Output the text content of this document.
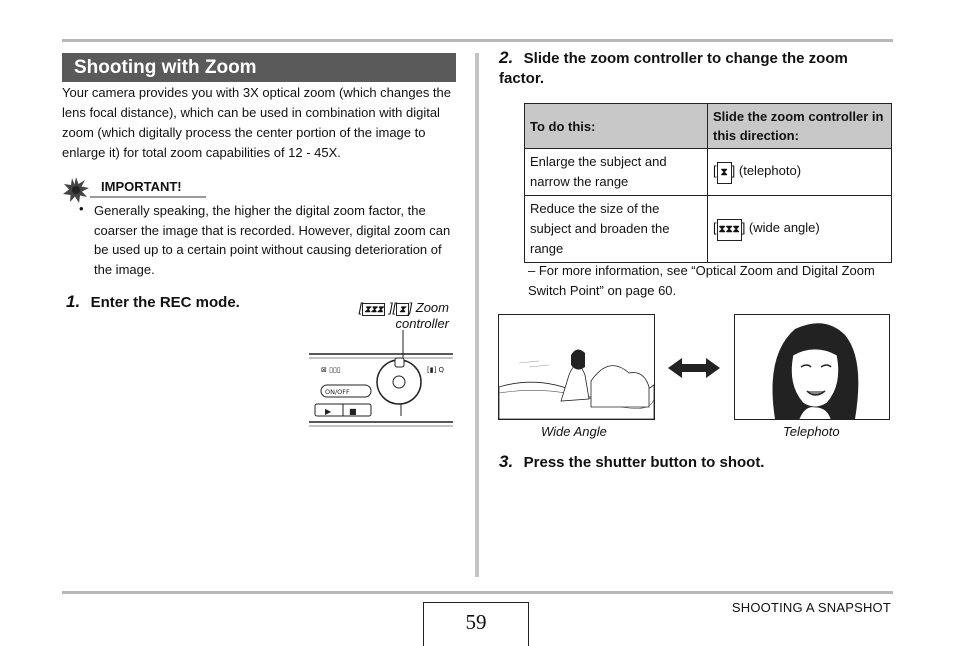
Shooting with Zoom
Your camera provides you with 3X optical zoom (which changes the lens focal distance), which can be used in combination with digital zoom (which digitally process the center portion of the image to enlarge it) for total zoom capabilities of 12 - 45X.
IMPORTANT!
• Generally speaking, the higher the digital zoom factor, the coarser the image that is recorded. However, digital zoom can be used up to a certain point without causing deterioration of the image.
1. Enter the REC mode.	[ ⧗⧗⧗ ][ ⧗ ] Zoom
controller
⊠ ▯▯▯	[▮] Q
ON/OFF
▶ ■
2. Slide the zoom controller to change the zoom factor.
To do this:	Slide the zoom controller in this direction:
Enlarge the subject and narrow the range	[ ⧗ ] (telephoto)
Reduce the size of the subject and broaden the range	[ ⧗⧗⧗ ] (wide angle)
– For more information, see “Optical Zoom and Digital Zoom Switch Point” on page 60.
Wide Angle	Telephoto
3. Press the shutter button to shoot.
59
SHOOTING A SNAPSHOT
